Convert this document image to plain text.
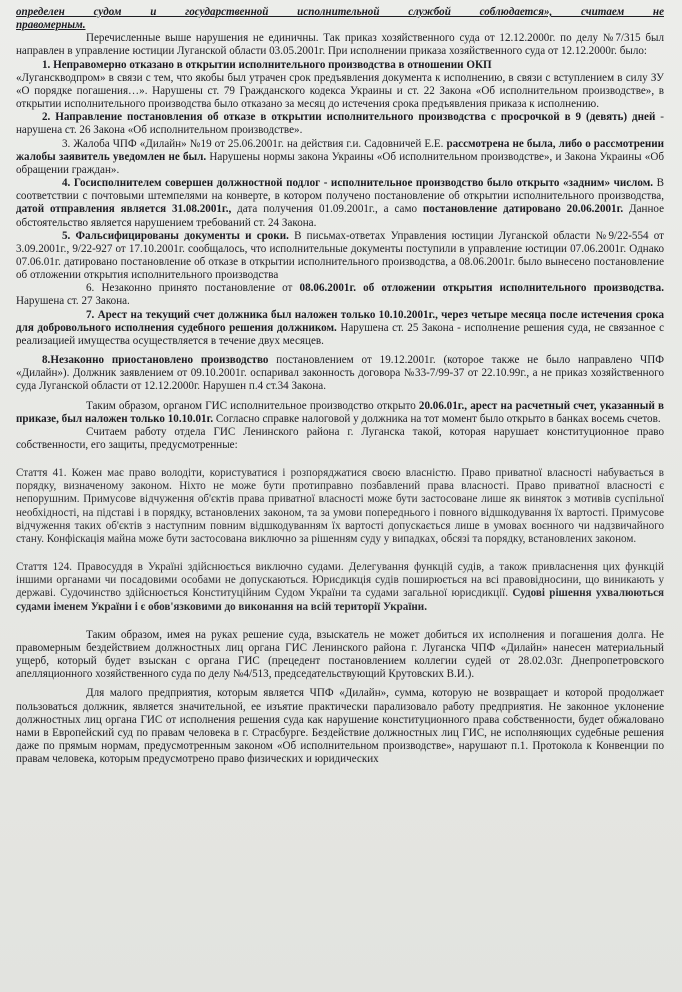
определен судом и государственной исполнительной службой соблюдается», считаем не

правомерным.

Перечисленные выше нарушения не единичны. Так приказ хозяйственного суда от 12.12.2000г. по делу №7/315 был направлен в управление юстиции Луганской области 03.05.2001г. При исполнении приказа хозяйственного суда от 12.12.2000г. было:

1. Неправомерно отказано в открытии исполнительного производства в отношении ОКП

«Луганскводпром» в связи с тем, что якобы был утрачен срок предъявления документа к исполнению, в связи с вступлением в силу ЗУ «О порядке погашения…». Нарушены ст. 79 Гражданского кодекса Украины и ст. 22 Закона «Об исполнительном производстве», в открытии исполнительного производства было отказано за месяц до истечения срока предъявления приказа к исполнению.

2. Направление постановления об отказе в открытии исполнительного производства с просрочкой в 9 (девять) дней - нарушена ст. 26 Закона «Об исполнительном производстве».

3. Жалоба ЧПФ «Дилайн» №19 от 25.06.2001г. на действия г.и. Садовничей Е.Е. рассмотрена не была, либо о рассмотрении жалобы заявитель уведомлен не был. Нарушены нормы закона Украины «Об исполнительном производстве», и Закона Украины «Об обращении граждан».

4. Госисполнителем совершен должностной подлог - исполнительное производство было открыто «задним» числом. В соответствии с почтовыми штемпелями на конверте, в котором получено постановление об открытии исполнительного производства, датой отправления является 31.08.2001г., дата получения 01.09.2001г., а само постановление датировано 20.06.2001г. Данное обстоятельство является нарушением требований ст. 24 Закона.

5. Фальсифицированы документы и сроки. В письмах-ответах Управления юстиции Луганской области №9/22-554 от 3.09.2001г., 9/22-927 от 17.10.2001г. сообщалось, что исполнительные документы поступили в управление юстиции 07.06.2001г. Однако 07.06.01г. датировано постановление об отказе в открытии исполнительного производства, а 08.06.2001г. было вынесено постановление об отложении открытия исполнительного производства

6. Незаконно принято постановление от 08.06.2001г. об отложении открытия исполнительного производства. Нарушена ст. 27 Закона.

7. Арест на текущий счет должника был наложен только 10.10.2001г., через четыре месяца после истечения срока для добровольного исполнения судебного решения должником. Нарушена ст. 25 Закона - исполнение решения суда, не связанное с реализацией имущества осуществляется в течение двух месяцев.

8.Незаконно приостановлено производство постановлением от 19.12.2001г. (которое также не было направлено ЧПФ «Дилайн»). Должник заявлением от 09.10.2001г. оспаривал законность договора №33-7/99-37 от 22.10.99г., а не приказ хозяйственного суда Луганской области от 12.12.2000г. Нарушен п.4 ст.34 Закона.

Таким образом, органом ГИС исполнительное производство открыто 20.06.01г., арест на расчетный счет, указанный в приказе, был наложен только 10.10.01г. Согласно справке налоговой у должника на тот момент было открыто в банках восемь счетов.

Считаем работу отдела ГИС Ленинского района г. Луганска такой, которая нарушает конституционное право собственности, его защиты, предусмотренные:

Стаття 41. Кожен має право володіти, користуватися і розпоряджатися своєю власністю. Право приватної власності набувається в порядку, визначеному законом. Ніхто не може бути протиправно позбавлений права власності. Право приватної власності є непорушним. Примусове відчуження об'єктів права приватної власності може бути застосоване лише як виняток з мотивів суспільної необхідності, на підставі і в порядку, встановлених законом, та за умови попереднього і повного відшкодування їх вартості. Примусове відчуження таких об'єктів з наступним повним відшкодуванням їх вартості допускається лише в умовах воєнного чи надзвичайного стану. Конфіскація майна може бути застосована виключно за рішенням суду у випадках, обсязі та порядку, встановлених законом.

Стаття 124. Правосуддя в Україні здійснюється виключно судами. Делегування функцій судів, а також привласнення цих функцій іншими органами чи посадовими особами не допускаються. Юрисдикція судів поширюється на всі правовідносини, що виникають у державі. Судочинство здійснюється Конституційним Судом України та судами загальної юрисдикції. Судові рішення ухвалюються судами іменем України і є обов'язковими до виконання на всій території України.

Таким образом, имея на руках решение суда, взыскатель не может добиться их исполнения и погашения долга. Не правомерным бездействием должностных лиц органа ГИС Ленинского района г. Луганска ЧПФ «Дилайн» нанесен материальный ущерб, который будет взыскан с органа ГИС (прецедент постановлением коллегии судей от 28.02.03г. Днепропетровского апелляционного хозяйственного суда по делу №4/513, председательствующий Крутовских В.И.).

Для малого предприятия, которым является ЧПФ «Дилайн», сумма, которую не возвращает и которой продолжает пользоваться должник, является значительной, ее изъятие практически парализовало работу предприятия. Не законное уклонение должностных лиц органа ГИС от исполнения решения суда как нарушение конституционного права собственности, будет обжаловано нами в Европейский суд по правам человека в г. Страсбурге. Бездействие должностных лиц ГИС, не исполняющих судебные решения даже по прямым нормам, предусмотренным законом «Об исполнительном производстве», нарушают п.1. Протокола к Конвенции по правам человека, которым предусмотрено право физических и юридических
